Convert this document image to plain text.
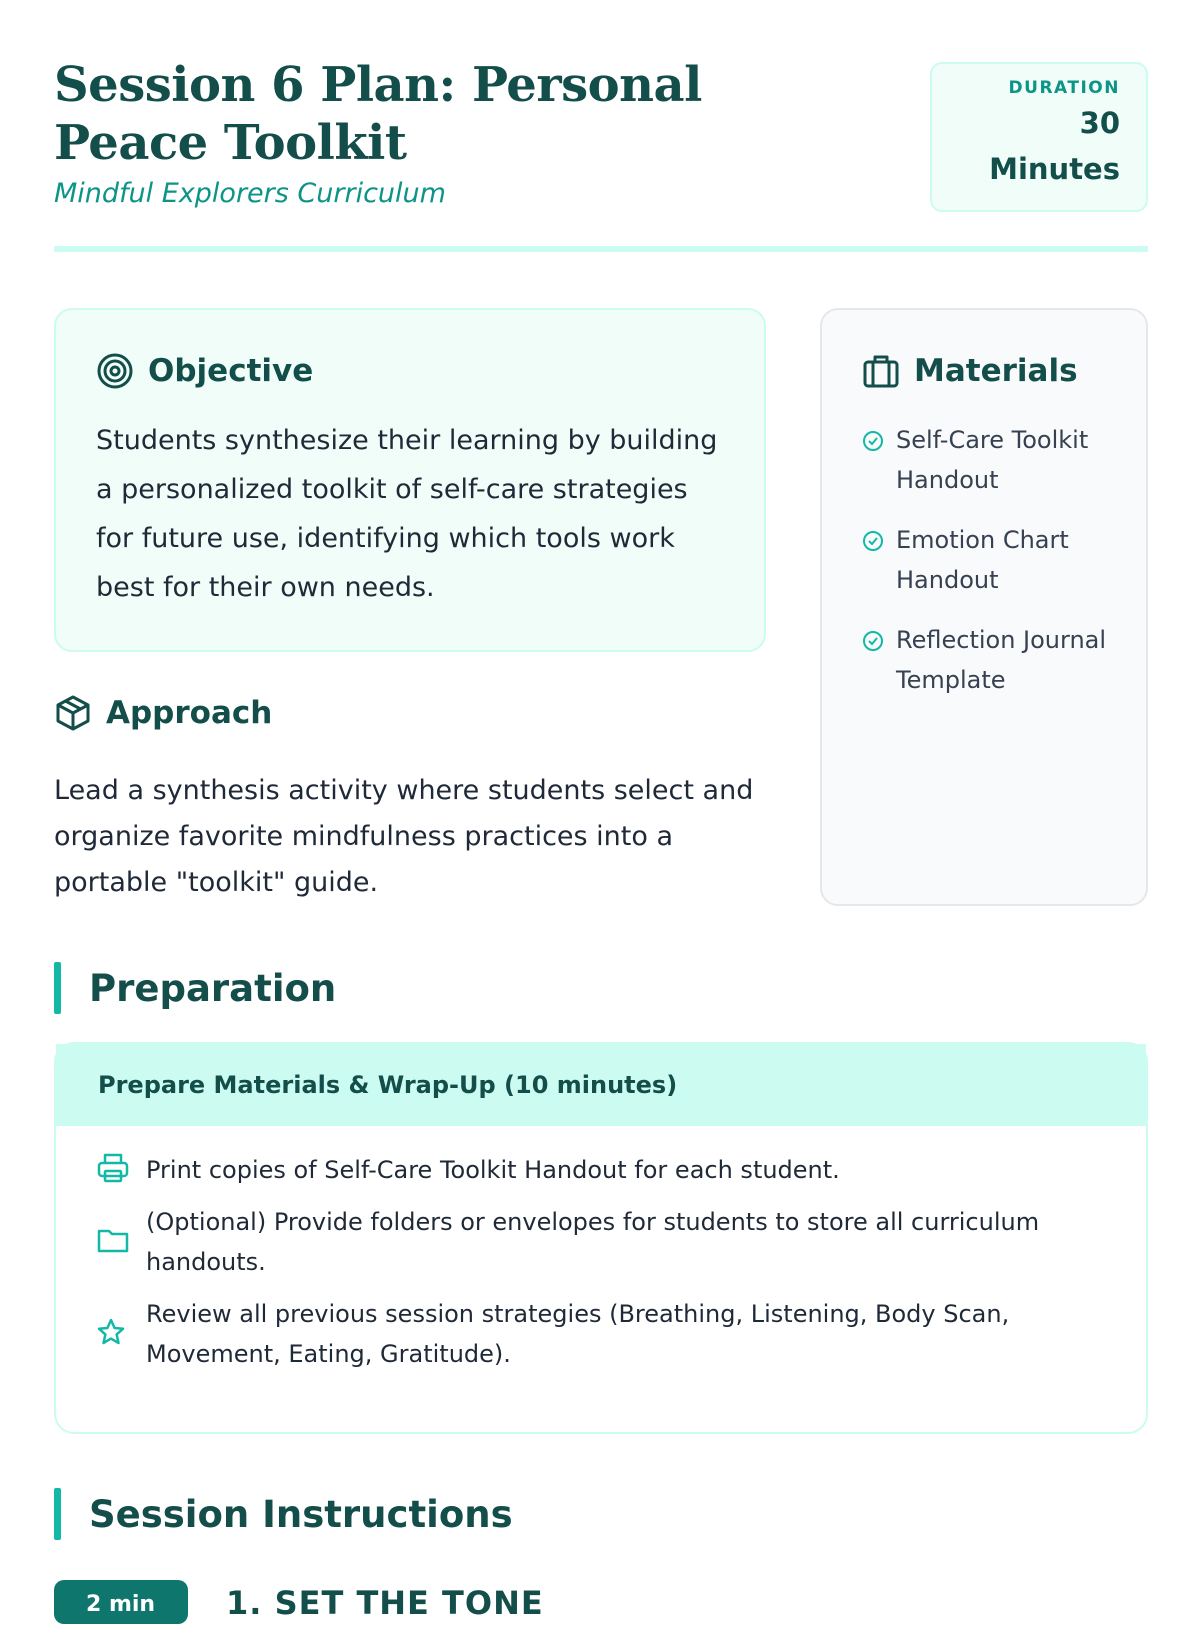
Session 6 Plan: Personal Peace Toolkit
Mindful Explorers Curriculum
DURATION
30
Minutes
Objective

Students synthesize their learning by building a personalized toolkit of self-care strategies for future use, identifying which tools work best for their own needs.

Approach

Lead a synthesis activity where students select and organize favorite mindfulness practices into a portable "toolkit" guide.

Materials
Self-Care Toolkit Handout
Emotion Chart Handout
Reflection Journal Template
Preparation
Prepare Materials & Wrap-Up (10 minutes)
Print copies of Self-Care Toolkit Handout for each student.
(Optional) Provide folders or envelopes for students to store all curriculum handouts.
Review all previous session strategies (Breathing, Listening, Body Scan, Movement, Eating, Gratitude).
Session Instructions
2 min	1. SET THE TONE
